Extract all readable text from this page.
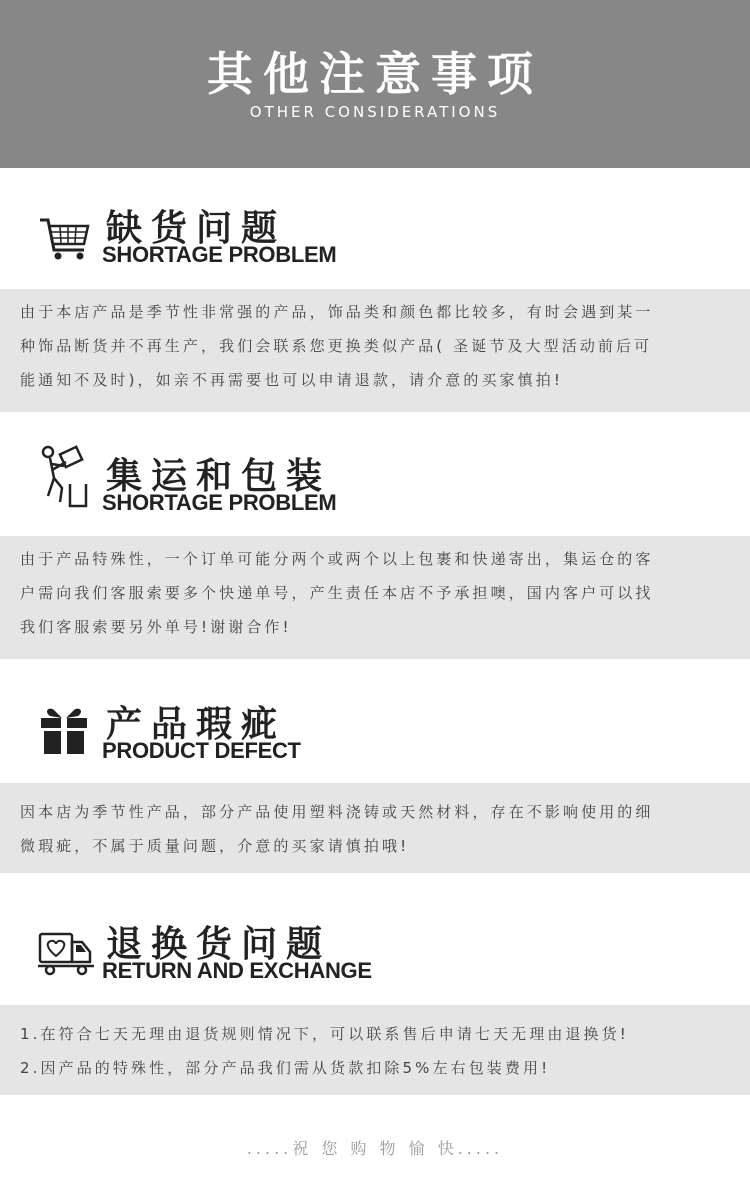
其他注意事项
OTHER CONSIDERATIONS
缺货问题
SHORTAGE PROBLEM
由于本店产品是季节性非常强的产品，饰品类和颜色都比较多，有时会遇到某一
种饰品断货并不再生产，我们会联系您更换类似产品( 圣诞节及大型活动前后可
能通知不及时)，如亲不再需要也可以申请退款，请介意的买家慎拍!
集运和包装
SHORTAGE PROBLEM
由于产品特殊性，一个订单可能分两个或两个以上包裹和快递寄出，集运仓的客
户需向我们客服索要多个快递单号，产生责任本店不予承担噢，国内客户可以找
我们客服索要另外单号!谢谢合作!
产品瑕疵
PRODUCT DEFECT
因本店为季节性产品，部分产品使用塑料浇铸或天然材料，存在不影响使用的细
微瑕疵，不属于质量问题，介意的买家请慎拍哦!
退换货问题
RETURN AND EXCHANGE
1.在符合七天无理由退货规则情况下，可以联系售后申请七天无理由退换货!
2.因产品的特殊性，部分产品我们需从货款扣除5%左右包装费用!
.....祝 您 购 物 愉 快.....
